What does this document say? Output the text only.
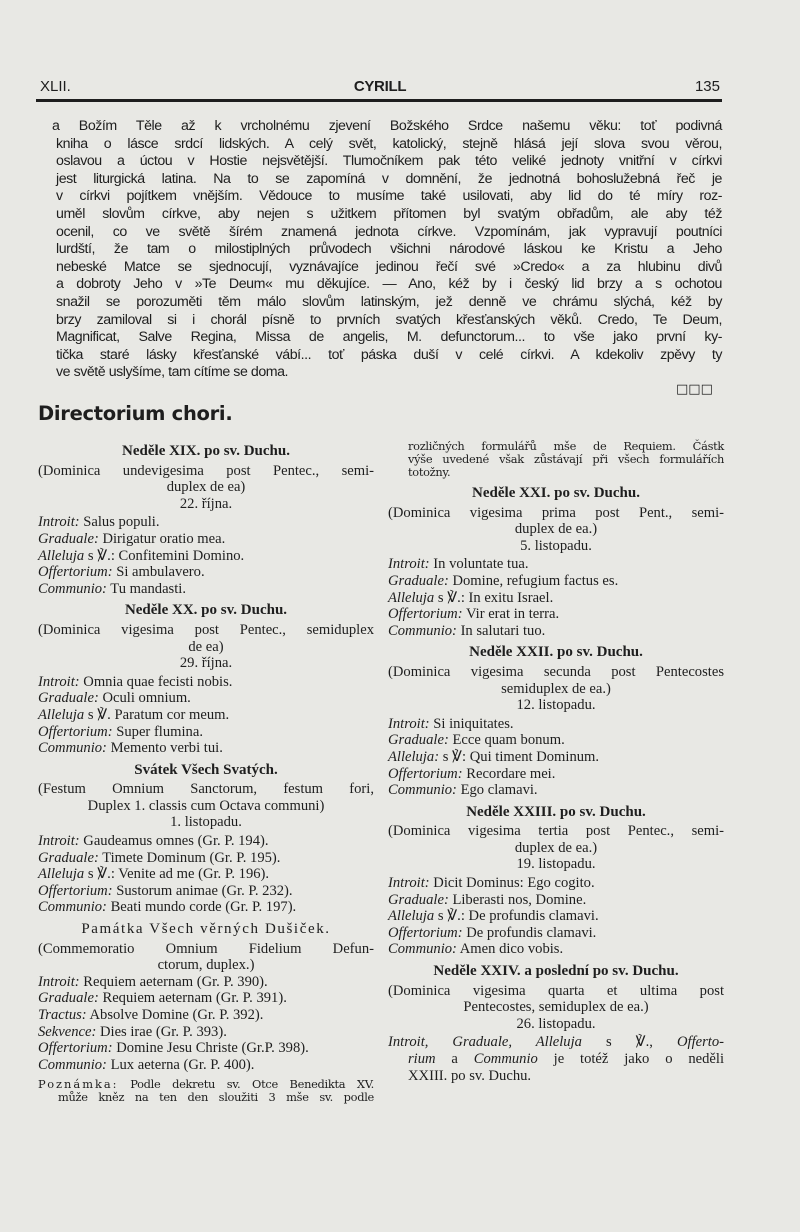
XLII.	CYRILL	135
a Božím Těle až k vrcholnému zjevení Božského Srdce našemu věku: toť podivná
kniha o lásce srdcí lidských. A celý svět, katolický, stejně hlásá její slova svou věrou,
oslavou a úctou v Hostie nejsvětější. Tlumočníkem pak této veliké jednoty vnitřní v církvi
jest liturgická latina. Na to se zapomíná v domnění, že jednotná bohoslužebná řeč je
v církvi pojítkem vnějším. Vědouce to musíme také usilovati, aby lid do té míry roz-
uměl slovům církve, aby nejen s užitkem přítomen byl svatým obřadům, ale aby též
ocenil, co ve světě šírém znamená jednota církve. Vzpomínám, jak vypravují poutníci
lurdští, že tam o milostiplných průvodech všichni národové láskou ke Kristu a Jeho
nebeské Matce se sjednocují, vyznávajíce jedinou řečí své »Credo« a za hlubinu divů
a dobroty Jeho v »Te Deum« mu děkujíce. — Ano, kéž by i český lid brzy a s ochotou
snažil se porozuměti těm málo slovům latinským, jež denně ve chrámu slýchá, kéž by
brzy zamiloval si i chorál písně to prvních svatých křesťanských věků. Credo, Te Deum,
Magnificat, Salve Regina, Missa de angelis, M. defunctorum... to vše jako první ky-
tička staré lásky křesťanské vábí... toť páska duší v celé církvi. A kdekoliv zpěvy ty
ve světě uslyšíme, tam cítíme se doma.
□□□
Directorium chori.
Neděle XIX. po sv. Duchu.
(Dominica undevigesima post Pentec., semi-
duplex de ea)
22. října.
Introit: Salus populi.
Graduale: Dirigatur oratio mea.
Alleluja s ℣.: Confitemini Domino.
Offertorium: Si ambulavero.
Communio: Tu mandasti.
Neděle XX. po sv. Duchu.
(Dominica vigesima post Pentec., semiduplex
de ea)
29. října.
Introit: Omnia quae fecisti nobis.
Graduale: Oculi omnium.
Alleluja s ℣. Paratum cor meum.
Offertorium: Super flumina.
Communio: Memento verbi tui.
Svátek Všech Svatých.
(Festum Omnium Sanctorum, festum fori,
Duplex 1. classis cum Octava communi)
1. listopadu.
Introit: Gaudeamus omnes (Gr. P. 194).
Graduale: Timete Dominum (Gr. P. 195).
Alleluja s ℣.: Venite ad me (Gr. P. 196).
Offertorium: Sustorum animae (Gr. P. 232).
Communio: Beati mundo corde (Gr. P. 197).
Památka Všech věrných Dušiček.
(Commemoratio Omnium Fidelium Defun-
ctorum, duplex.)
Introit: Requiem aeternam (Gr. P. 390).
Graduale: Requiem aeternam (Gr. P. 391).
Tractus: Absolve Domine (Gr. P. 392).
Sekvence: Dies irae (Gr. P. 393).
Offertorium: Domine Jesu Christe (Gr.P. 398).
Communio: Lux aeterna (Gr. P. 400).
Poznámka: Podle dekretu sv. Otce Benedikta XV.
může kněz na ten den sloužiti 3 mše sv. podle
rozličných formulářů mše de Requiem. Částk
výše uvedené však zůstávají při všech formulářích
totožny.
Neděle XXI. po sv. Duchu.
(Dominica vigesima prima post Pent., semi-
duplex de ea.)
5. listopadu.
Introit: In voluntate tua.
Graduale: Domine, refugium factus es.
Alleluja s ℣.: In exitu Israel.
Offertorium: Vir erat in terra.
Communio: In salutari tuo.
Neděle XXII. po sv. Duchu.
(Dominica vigesima secunda post Pentecostes
semiduplex de ea.)
12. listopadu.
Introit: Si iniquitates.
Graduale: Ecce quam bonum.
Alleluja: s ℣: Qui timent Dominum.
Offertorium: Recordare mei.
Communio: Ego clamavi.
Neděle XXIII. po sv. Duchu.
(Dominica vigesima tertia post Pentec., semi-
duplex de ea.)
19. listopadu.
Introit: Dicit Dominus: Ego cogito.
Graduale: Liberasti nos, Domine.
Alleluja s ℣.: De profundis clamavi.
Offertorium: De profundis clamavi.
Communio: Amen dico vobis.
Neděle XXIV. a poslední po sv. Duchu.
(Dominica vigesima quarta et ultima post
Pentecostes, semiduplex de ea.)
26. listopadu.
Introit, Graduale, Alleluja s ℣., Offerto-
rium a Communio je totéž jako o neděli
XXIII. po sv. Duchu.
